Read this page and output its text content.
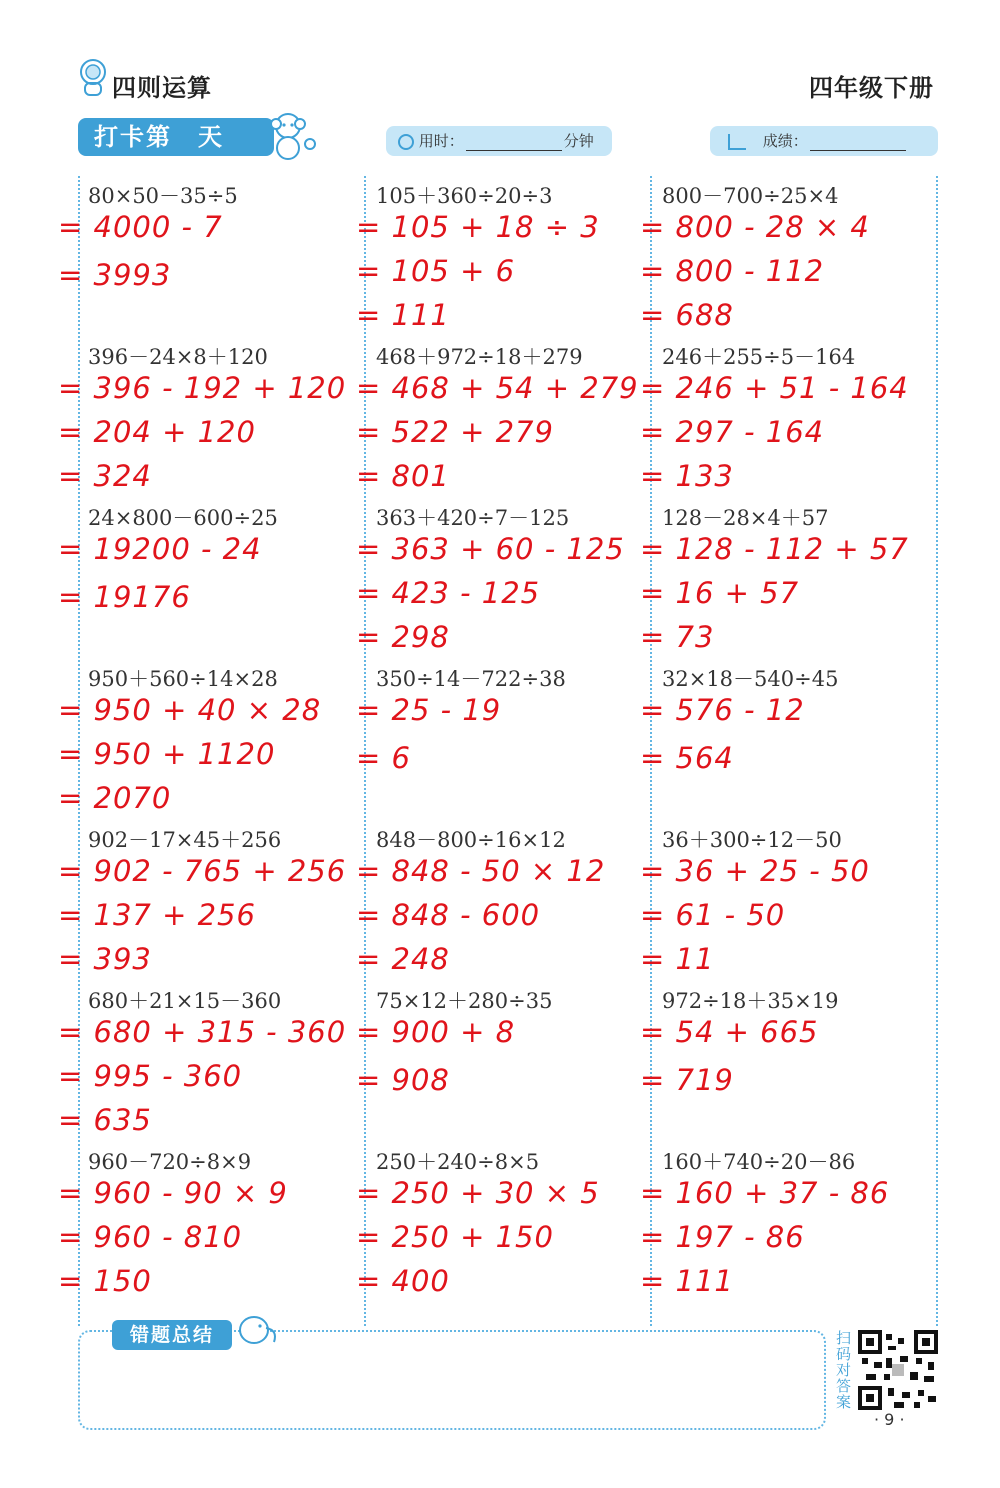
四则运算	四年级下册
打卡第　天	用时：	分钟	成绩：
80×50－35÷5
= 4000 - 7
= 3993
396－24×8＋120
= 396 - 192 + 120
= 204 + 120
= 324
24×800－600÷25
= 19200 - 24
= 19176
950＋560÷14×28
= 950 + 40 × 28
= 950 + 1120
= 2070
902－17×45＋256
= 902 - 765 + 256
= 137 + 256
= 393
680＋21×15－360
= 680 + 315 - 360
= 995 - 360
= 635
960－720÷8×9
= 960 - 90 × 9
= 960 - 810
= 150
105＋360÷20÷3
= 105 + 18 ÷ 3
= 105 + 6
= 111
468＋972÷18＋279
= 468 + 54 + 279
= 522 + 279
= 801
363＋420÷7－125
= 363 + 60 - 125
= 423 - 125
= 298
350÷14－722÷38
= 25 - 19
= 6
848－800÷16×12
= 848 - 50 × 12
= 848 - 600
= 248
75×12＋280÷35
= 900 + 8
= 908
250＋240÷8×5
= 250 + 30 × 5
= 250 + 150
= 400
800－700÷25×4
= 800 - 28 × 4
= 800 - 112
= 688
246＋255÷5－164
= 246 + 51 - 164
= 297 - 164
= 133
128－28×4＋57
= 128 - 112 + 57
= 16 + 57
= 73
32×18－540÷45
= 576 - 12
= 564
36＋300÷12－50
= 36 + 25 - 50
= 61 - 50
= 11
972÷18＋35×19
= 54 + 665
= 719
160＋740÷20－86
= 160 + 37 - 86
= 197 - 86
= 111
错题总结	扫码对答案
· 9 ·
